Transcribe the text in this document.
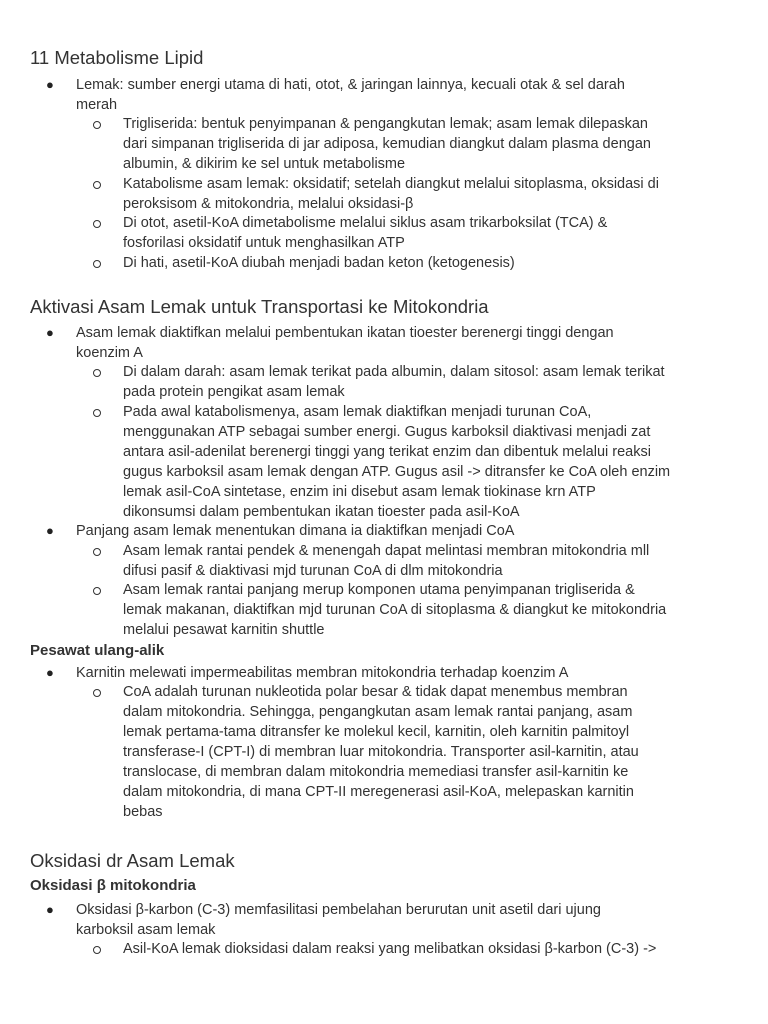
11 Metabolisme Lipid
● Lemak: sumber energi utama di hati, otot, & jaringan lainnya, kecuali otak & sel darah
merah
Trigliserida: bentuk penyimpanan & pengangkutan lemak; asam lemak dilepaskan
dari simpanan trigliserida di jar adiposa, kemudian diangkut dalam plasma dengan
albumin, & dikirim ke sel untuk metabolisme
Katabolisme asam lemak: oksidatif; setelah diangkut melalui sitoplasma, oksidasi di
peroksisom & mitokondria, melalui oksidasi-β
Di otot, asetil-KoA dimetabolisme melalui siklus asam trikarboksilat (TCA) &
fosforilasi oksidatif untuk menghasilkan ATP
Di hati, asetil-KoA diubah menjadi badan keton (ketogenesis)
Aktivasi Asam Lemak untuk Transportasi ke Mitokondria
● Asam lemak diaktifkan melalui pembentukan ikatan tioester berenergi tinggi dengan
koenzim A
Di dalam darah: asam lemak terikat pada albumin, dalam sitosol: asam lemak terikat
pada protein pengikat asam lemak
Pada awal katabolismenya, asam lemak diaktifkan menjadi turunan CoA,
menggunakan ATP sebagai sumber energi. Gugus karboksil diaktivasi menjadi zat
antara asil-adenilat berenergi tinggi yang terikat enzim dan dibentuk melalui reaksi
gugus karboksil asam lemak dengan ATP. Gugus asil -> ditransfer ke CoA oleh enzim
lemak asil-CoA sintetase, enzim ini disebut asam lemak tiokinase krn ATP
dikonsumsi dalam pembentukan ikatan tioester pada asil-KoA
● Panjang asam lemak menentukan dimana ia diaktifkan menjadi CoA
Asam lemak rantai pendek & menengah dapat melintasi membran mitokondria mll
difusi pasif & diaktivasi mjd turunan CoA di dlm mitokondria
Asam lemak rantai panjang merup komponen utama penyimpanan trigliserida &
lemak makanan, diaktifkan mjd turunan CoA di sitoplasma & diangkut ke mitokondria
melalui pesawat karnitin shuttle
Pesawat ulang-alik
● Karnitin melewati impermeabilitas membran mitokondria terhadap koenzim A
CoA adalah turunan nukleotida polar besar & tidak dapat menembus membran
dalam mitokondria. Sehingga, pengangkutan asam lemak rantai panjang, asam
lemak pertama-tama ditransfer ke molekul kecil, karnitin, oleh karnitin palmitoyl
transferase-I (CPT-I) di membran luar mitokondria. Transporter asil-karnitin, atau
translocase, di membran dalam mitokondria memediasi transfer asil-karnitin ke
dalam mitokondria, di mana CPT-II meregenerasi asil-KoA, melepaskan karnitin
bebas
Oksidasi dr Asam Lemak
Oksidasi β mitokondria
● Oksidasi β-karbon (C-3) memfasilitasi pembelahan berurutan unit asetil dari ujung
karboksil asam lemak
Asil-KoA lemak dioksidasi dalam reaksi yang melibatkan oksidasi β-karbon (C-3) ->
